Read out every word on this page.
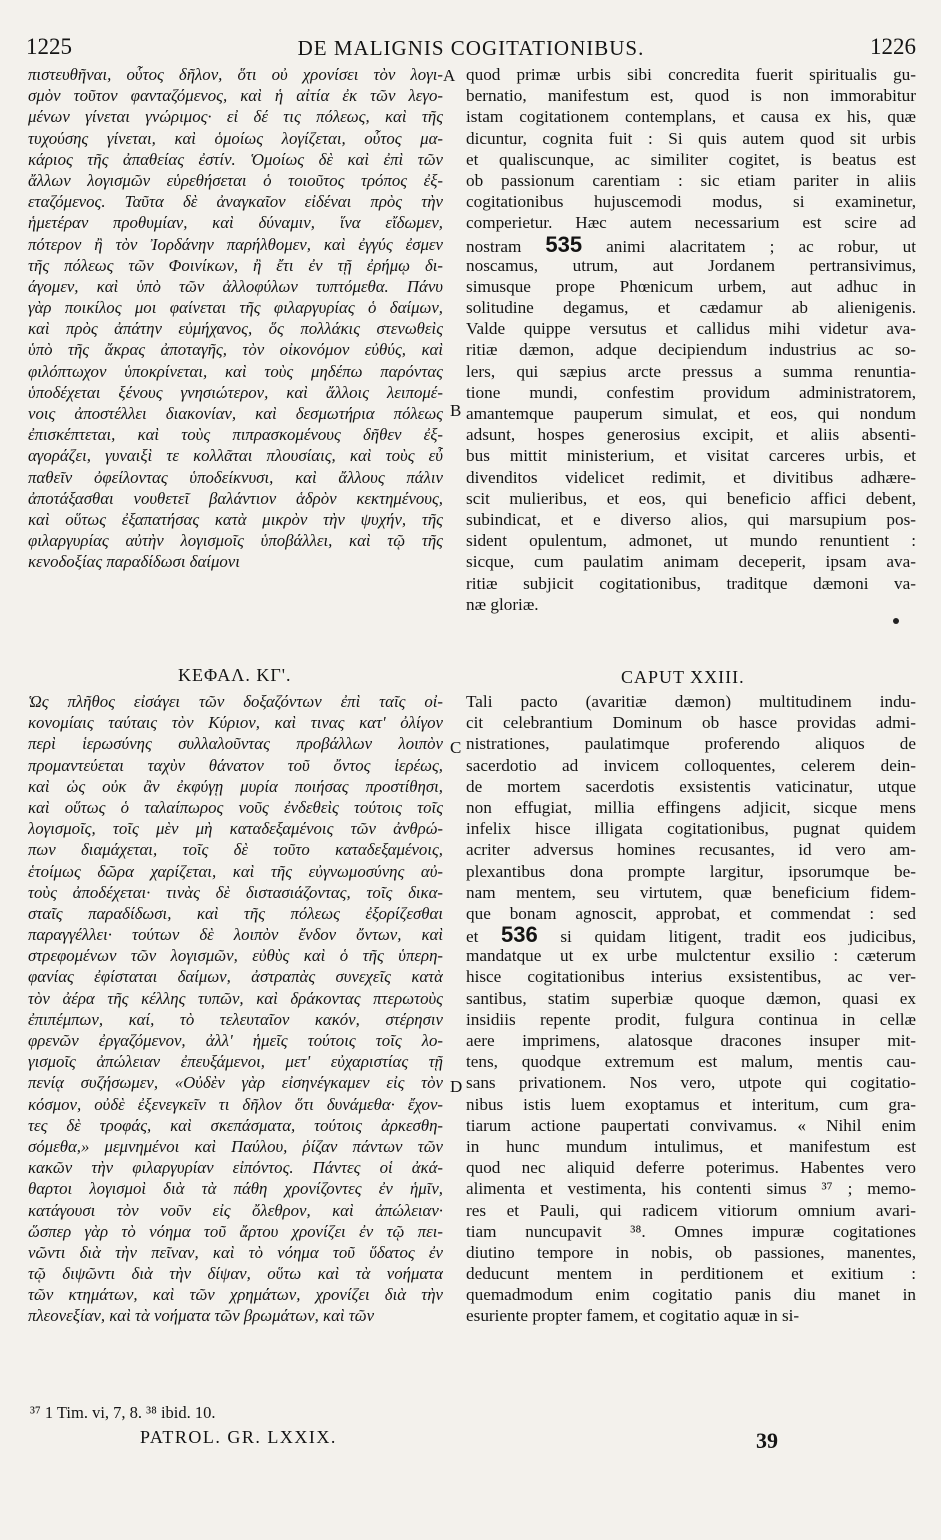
1225	DE MALIGNIS COGITATIONIBUS.	1226
A
B
C
D
πιστευθῆναι, οὗτος δῆλον, ὅτι οὐ χρονίσει τὸν λογι-
σμὸν τοῦτον φανταζόμενος, καὶ ἡ αἰτία ἐκ τῶν λεγο-
μένων γίνεται γνώριμος· εἰ δέ τις πόλεως, καὶ τῆς
τυχούσης γίνεται, καὶ ὁμοίως λογίζεται, οὗτος μα-
κάριος τῆς ἀπαθείας ἐστίν. Ὁμοίως δὲ καὶ ἐπὶ τῶν
ἄλλων λογισμῶν εὑρεθήσεται ὁ τοιοῦτος τρόπος ἐξ-
εταζόμενος. Ταῦτα δὲ ἀναγκαῖον εἰδέναι πρὸς τὴν
ἡμετέραν προθυμίαν, καὶ δύναμιν, ἵνα εἴδωμεν,
πότερον ἢ τὸν Ἰορδάνην παρήλθομεν, καὶ ἐγγύς ἐσμεν
τῆς πόλεως τῶν Φοινίκων, ἢ ἔτι ἐν τῇ ἐρήμῳ δι-
άγομεν, καὶ ὑπὸ τῶν ἀλλοφύλων τυπτόμεθα. Πάνυ
γὰρ ποικίλος μοι φαίνεται τῆς φιλαργυρίας ὁ δαίμων,
καὶ πρὸς ἀπάτην εὐμήχανος, ὅς πολλάκις στενωθεὶς
ὑπὸ τῆς ἄκρας ἀποταγῆς, τὸν οἰκονόμον εὐθύς, καὶ
φιλόπτωχον ὑποκρίνεται, καὶ τοὺς μηδέπω παρόντας
ὑποδέχεται ξένους γνησιώτερον, καὶ ἄλλοις λειπομέ-
νοις ἀποστέλλει διακονίαν, καὶ δεσμωτήρια πόλεως
ἐπισκέπτεται, καὶ τοὺς πιπρασκομένους δῆθεν ἐξ-
αγοράζει, γυναιξὶ τε κολλᾶται πλουσίαις, καὶ τοὺς εὖ
παθεῖν ὀφείλοντας ὑποδείκνυσι, καὶ ἄλλους πάλιν
ἀποτάξασθαι νουθετεῖ βαλάντιον ἁδρὸν κεκτημένους,
καὶ οὕτως ἐξαπατήσας κατὰ μικρὸν τὴν ψυχήν, τῆς
φιλαργυρίας αὐτὴν λογισμοῖς ὑποβάλλει, καὶ τῷ τῆς
κενοδοξίας παραδίδωσι δαίμονι
quod primæ urbis sibi concredita fuerit spiritualis gu-
bernatio, manifestum est, quod is non immorabitur
istam cogitationem contemplans, et causa ex his, quæ
dicuntur, cognita fuit : Si quis autem quod sit urbis
et qualiscunque, ac similiter cogitet, is beatus est
ob passionum carentiam : sic etiam pariter in aliis
cogitationibus hujuscemodi modus, si examinetur,
comperietur. Hæc autem necessarium est scire ad
nostram 535 animi alacritatem ; ac robur, ut
noscamus, utrum, aut Jordanem pertransivimus,
simusque prope Phœnicum urbem, aut adhuc in
solitudine degamus, et cædamur ab alienigenis.
Valde quippe versutus et callidus mihi videtur ava-
ritiæ dæmon, adque decipiendum industrius ac so-
lers, qui sæpius arcte pressus a summa renuntia-
tione mundi, confestim providum administratorem,
amantemque pauperum simulat, et eos, qui nondum
adsunt, hospes generosius excipit, et aliis absenti-
bus mittit ministerium, et visitat carceres urbis, et
divenditos videlicet redimit, et divitibus adhære-
scit mulieribus, et eos, qui beneficio affici debent,
subindicat, et e diverso alios, qui marsupium pos-
sident opulentum, admonet, ut mundo renuntient :
sicque, cum paulatim animam deceperit, ipsam ava-
ritiæ subjicit cogitationibus, traditque dæmoni va-
næ gloriæ.
ΚΕΦΑΛ. ΚΓ'.	CAPUT XXIII.
Ὡς πλῆθος εἰσάγει τῶν δοξαζόντων ἐπὶ ταῖς οἰ-
κονομίαις ταύταις τὸν Κύριον, καὶ τινας κατ' ὀλίγον
περὶ ἱερωσύνης συλλαλοῦντας προβάλλων λοιπὸν
προμαντεύεται ταχὺν θάνατον τοῦ ὄντος ἱερέως,
καὶ ὡς οὐκ ἂν ἐκφύγῃ μυρία ποιήσας προστίθησι,
καὶ οὕτως ὁ ταλαίπωρος νοῦς ἐνδεθεὶς τούτοις τοῖς
λογισμοῖς, τοῖς μὲν μὴ καταδεξαμένοις τῶν ἀνθρώ-
πων διαμάχεται, τοῖς δὲ τοῦτο καταδεξαμένοις,
ἑτοίμως δῶρα χαρίζεται, καὶ τῆς εὐγνωμοσύνης αὐ-
τοὺς ἀποδέχεται· τινὰς δὲ διστασιάζοντας, τοῖς δικα-
σταῖς παραδίδωσι, καὶ τῆς πόλεως ἐξορίζεσθαι
παραγγέλλει· τούτων δὲ λοιπὸν ἔνδον ὄντων, καὶ
στρεφομένων τῶν λογισμῶν, εὐθὺς καὶ ὁ τῆς ὑπερη-
φανίας ἐφίσταται δαίμων, ἀστραπὰς συνεχεῖς κατὰ
τὸν ἀέρα τῆς κέλλης τυπῶν, καὶ δράκοντας πτερωτοὺς
ἐπιπέμπων, καί, τὸ τελευταῖον κακόν, στέρησιν
φρενῶν ἐργαζόμενον, ἀλλ' ἡμεῖς τούτοις τοῖς λο-
γισμοῖς ἀπώλειαν ἐπευξάμενοι, μετ' εὐχαριστίας τῇ
πενίᾳ συζήσωμεν, «Οὐδὲν γὰρ εἰσηνέγκαμεν εἰς τὸν
κόσμον, οὐδὲ ἐξενεγκεῖν τι δῆλον ὅτι δυνάμεθα· ἔχον-
τες δὲ τροφάς, καὶ σκεπάσματα, τούτοις ἀρκεσθη-
σόμεθα,» μεμνημένοι καὶ Παύλου, ῥίζαν πάντων τῶν
κακῶν τὴν φιλαργυρίαν εἰπόντος. Πάντες οἱ ἀκά-
θαρτοι λογισμοὶ διὰ τὰ πάθη χρονίζοντες ἐν ἡμῖν,
κατάγουσι τὸν νοῦν εἰς ὄλεθρον, καὶ ἀπώλειαν·
ὥσπερ γὰρ τὸ νόημα τοῦ ἄρτου χρονίζει ἐν τῷ πει-
νῶντι διὰ τὴν πεῖναν, καὶ τὸ νόημα τοῦ ὕδατος ἐν
τῷ διψῶντι διὰ τὴν δίψαν, οὕτω καὶ τὰ νοήματα
τῶν κτημάτων, καὶ τῶν χρημάτων, χρονίζει διὰ τὴν
πλεονεξίαν, καὶ τὰ νοήματα τῶν βρωμάτων, καὶ τῶν
Tali pacto (avaritiæ dæmon) multitudinem indu-
cit celebrantium Dominum ob hasce providas admi-
nistrationes, paulatimque proferendo aliquos de
sacerdotio ad invicem colloquentes, celerem dein-
de mortem sacerdotis exsistentis vaticinatur, utque
non effugiat, millia effingens adjicit, sicque mens
infelix hisce illigata cogitationibus, pugnat quidem
acriter adversus homines recusantes, id vero am-
plexantibus dona prompte largitur, ipsorumque be-
nam mentem, seu virtutem, quæ beneficium fidem-
que bonam agnoscit, approbat, et commendat : sed
et 536 si quidam litigent, tradit eos judicibus,
mandatque ut ex urbe mulctentur exsilio : cæterum
hisce cogitationibus interius exsistentibus, ac ver-
santibus, statim superbiæ quoque dæmon, quasi ex
insidiis repente prodit, fulgura continua in cellæ
aere imprimens, alatosque dracones insuper mit-
tens, quodque extremum est malum, mentis cau-
sans privationem. Nos vero, utpote qui cogitatio-
nibus istis luem exoptamus et interitum, cum gra-
tiarum actione paupertati convivamus. « Nihil enim
in hunc mundum intulimus, et manifestum est
quod nec aliquid deferre poterimus. Habentes vero
alimenta et vestimenta, his contenti simus ³⁷ ; memo-
res et Pauli, qui radicem vitiorum omnium avari-
tiam nuncupavit ³⁸. Omnes impuræ cogitationes
diutino tempore in nobis, ob passiones, manentes,
deducunt mentem in perditionem et exitium :
quemadmodum enim cogitatio panis diu manet in
esuriente propter famem, et cogitatio aquæ in si-
³⁷ 1 Tim. vi, 7, 8. ³⁸ ibid. 10.
PATROL. GR. LXXIX.	39
